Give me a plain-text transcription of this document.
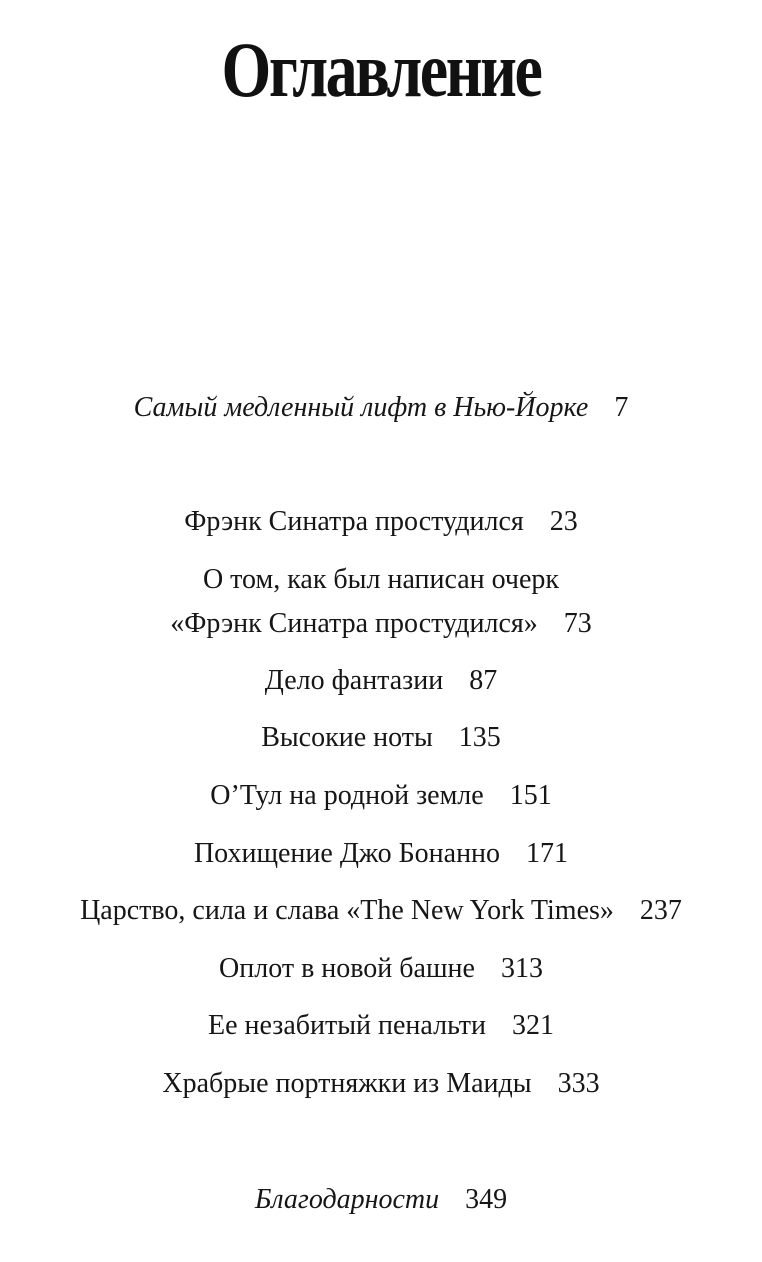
Оглавление
Самый медленный лифт в Нью-Йорке 7
Фрэнк Синатра простудился 23
О том, как был написан очерк
«Фрэнк Синатра простудился» 73
Дело фантазии 87
Высокие ноты 135
О’Тул на родной земле 151
Похищение Джо Бонанно 171
Царство, сила и слава «The New York Times» 237
Оплот в новой башне 313
Ее незабитый пенальти 321
Храбрые портняжки из Маиды 333
Благодарности 349
